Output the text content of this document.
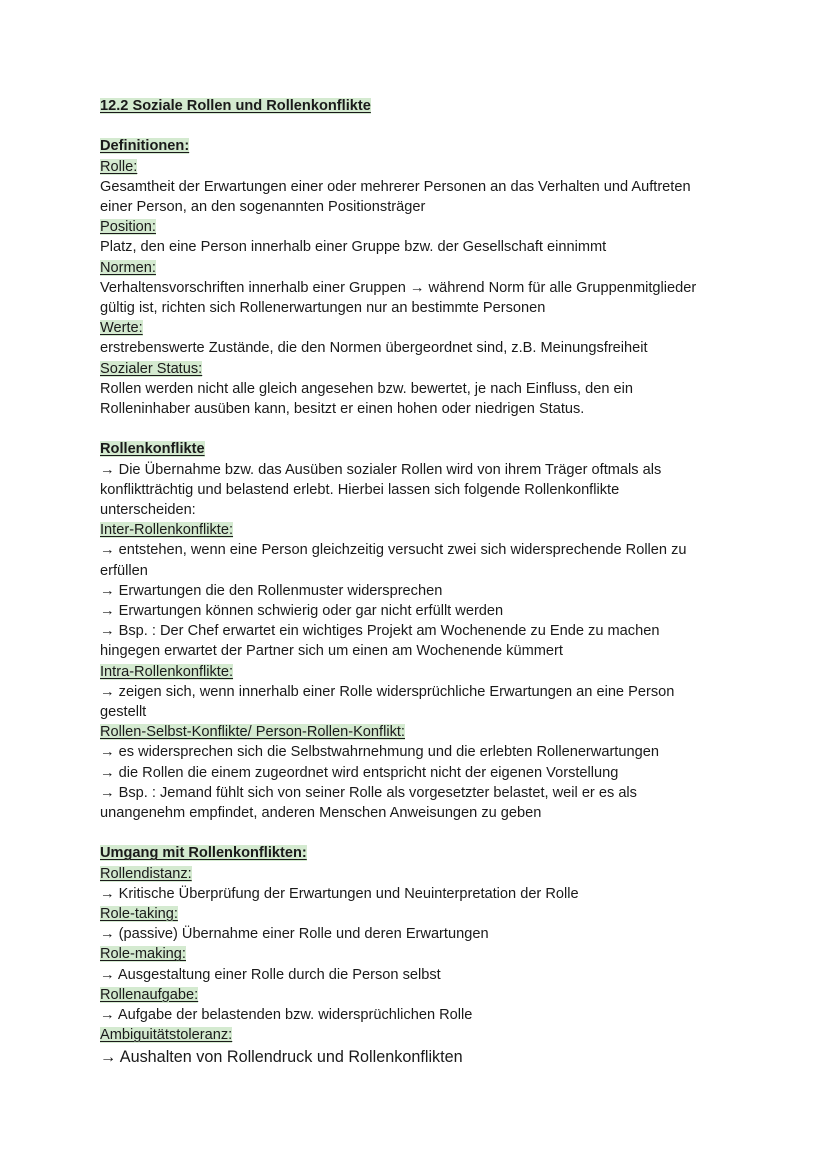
12.2 Soziale Rollen und Rollenkonflikte
Definitionen:
Rolle:
Gesamtheit der Erwartungen einer oder mehrerer Personen an das Verhalten und Auftreten
einer Person, an den sogenannten Positionsträger
Position:
Platz, den eine Person innerhalb einer Gruppe bzw. der Gesellschaft einnimmt
Normen:
Verhaltensvorschriften innerhalb einer Gruppen → während Norm für alle Gruppenmitglieder
gültig ist, richten sich Rollenerwartungen nur an bestimmte Personen
Werte:
erstrebenswerte Zustände, die den Normen übergeordnet sind, z.B. Meinungsfreiheit
Sozialer Status:
Rollen werden nicht alle gleich angesehen bzw. bewertet, je nach Einfluss, den ein
Rolleninhaber ausüben kann, besitzt er einen hohen oder niedrigen Status.
Rollenkonflikte
→ Die Übernahme bzw. das Ausüben sozialer Rollen wird von ihrem Träger oftmals als
konfliktträchtig und belastend erlebt. Hierbei lassen sich folgende Rollenkonflikte
unterscheiden:
Inter-Rollenkonflikte:
→ entstehen, wenn eine Person gleichzeitig versucht zwei sich widersprechende Rollen zu
erfüllen
→ Erwartungen die den Rollenmuster widersprechen
→ Erwartungen können schwierig oder gar nicht erfüllt werden
→ Bsp. : Der Chef erwartet ein wichtiges Projekt am Wochenende zu Ende zu machen
hingegen erwartet der Partner sich um einen am Wochenende kümmert
Intra-Rollenkonflikte:
→ zeigen sich, wenn innerhalb einer Rolle widersprüchliche Erwartungen an eine Person
gestellt
Rollen-Selbst-Konflikte/ Person-Rollen-Konflikt:
→ es widersprechen sich die Selbstwahrnehmung und die erlebten Rollenerwartungen
→ die Rollen die einem zugeordnet wird entspricht nicht der eigenen Vorstellung
→ Bsp. : Jemand fühlt sich von seiner Rolle als vorgesetzter belastet, weil er es als
unangenehm empfindet, anderen Menschen Anweisungen zu geben
Umgang mit Rollenkonflikten:
Rollendistanz:
→ Kritische Überprüfung der Erwartungen und Neuinterpretation der Rolle
Role-taking:
→ (passive) Übernahme einer Rolle und deren Erwartungen
Role-making:
→ Ausgestaltung einer Rolle durch die Person selbst
Rollenaufgabe:
→ Aufgabe der belastenden bzw. widersprüchlichen Rolle
Ambiguitätstoleranz:
→ Aushalten von Rollendruck und Rollenkonflikten
